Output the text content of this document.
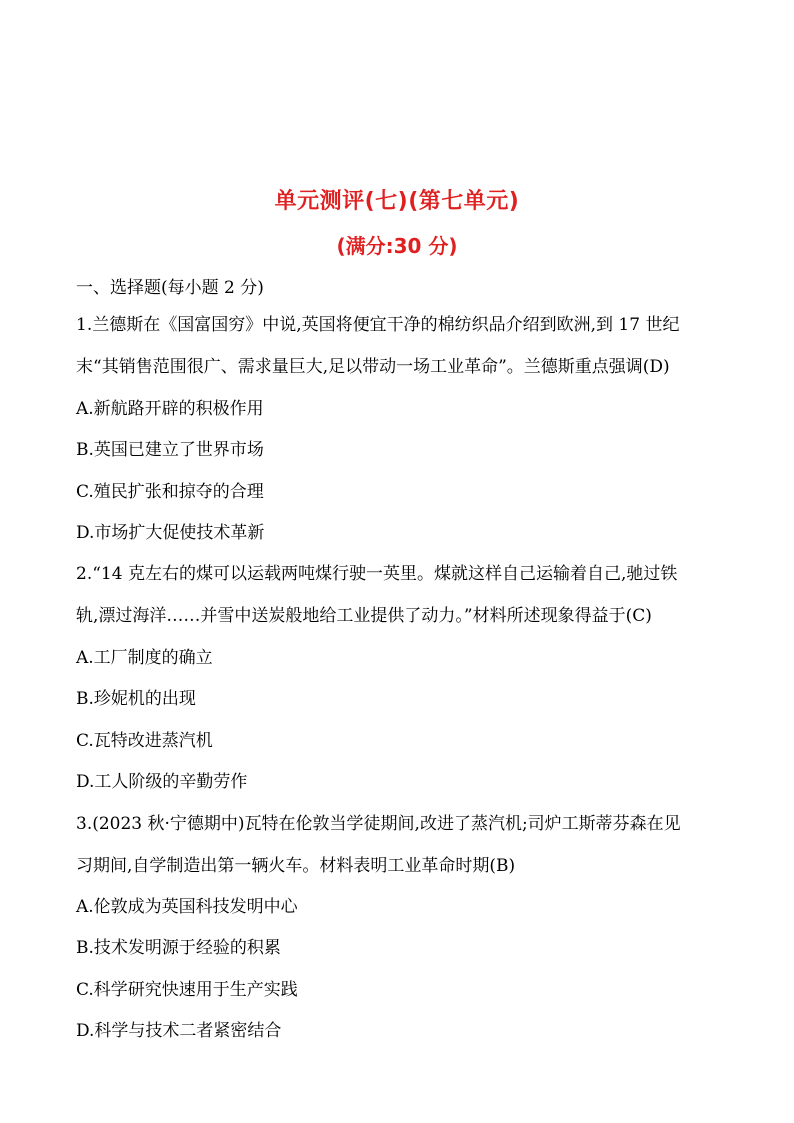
单元测评(七)(第七单元)
(满分:30 分)
一、选择题(每小题 2 分)
1.兰德斯在《国富国穷》中说,英国将便宜干净的棉纺织品介绍到欧洲,到 17 世纪
末“其销售范围很广、需求量巨大,足以带动一场工业革命”。兰德斯重点强调(D)
A.新航路开辟的积极作用
B.英国已建立了世界市场
C.殖民扩张和掠夺的合理
D.市场扩大促使技术革新
2.“14 克左右的煤可以运载两吨煤行驶一英里。煤就这样自己运输着自己,驰过铁
轨,漂过海洋……并雪中送炭般地给工业提供了动力。”材料所述现象得益于(C)
A.工厂制度的确立
B.珍妮机的出现
C.瓦特改进蒸汽机
D.工人阶级的辛勤劳作
3.(2023 秋·宁德期中)瓦特在伦敦当学徒期间,改进了蒸汽机;司炉工斯蒂芬森在见
习期间,自学制造出第一辆火车。材料表明工业革命时期(B)
A.伦敦成为英国科技发明中心
B.技术发明源于经验的积累
C.科学研究快速用于生产实践
D.科学与技术二者紧密结合
